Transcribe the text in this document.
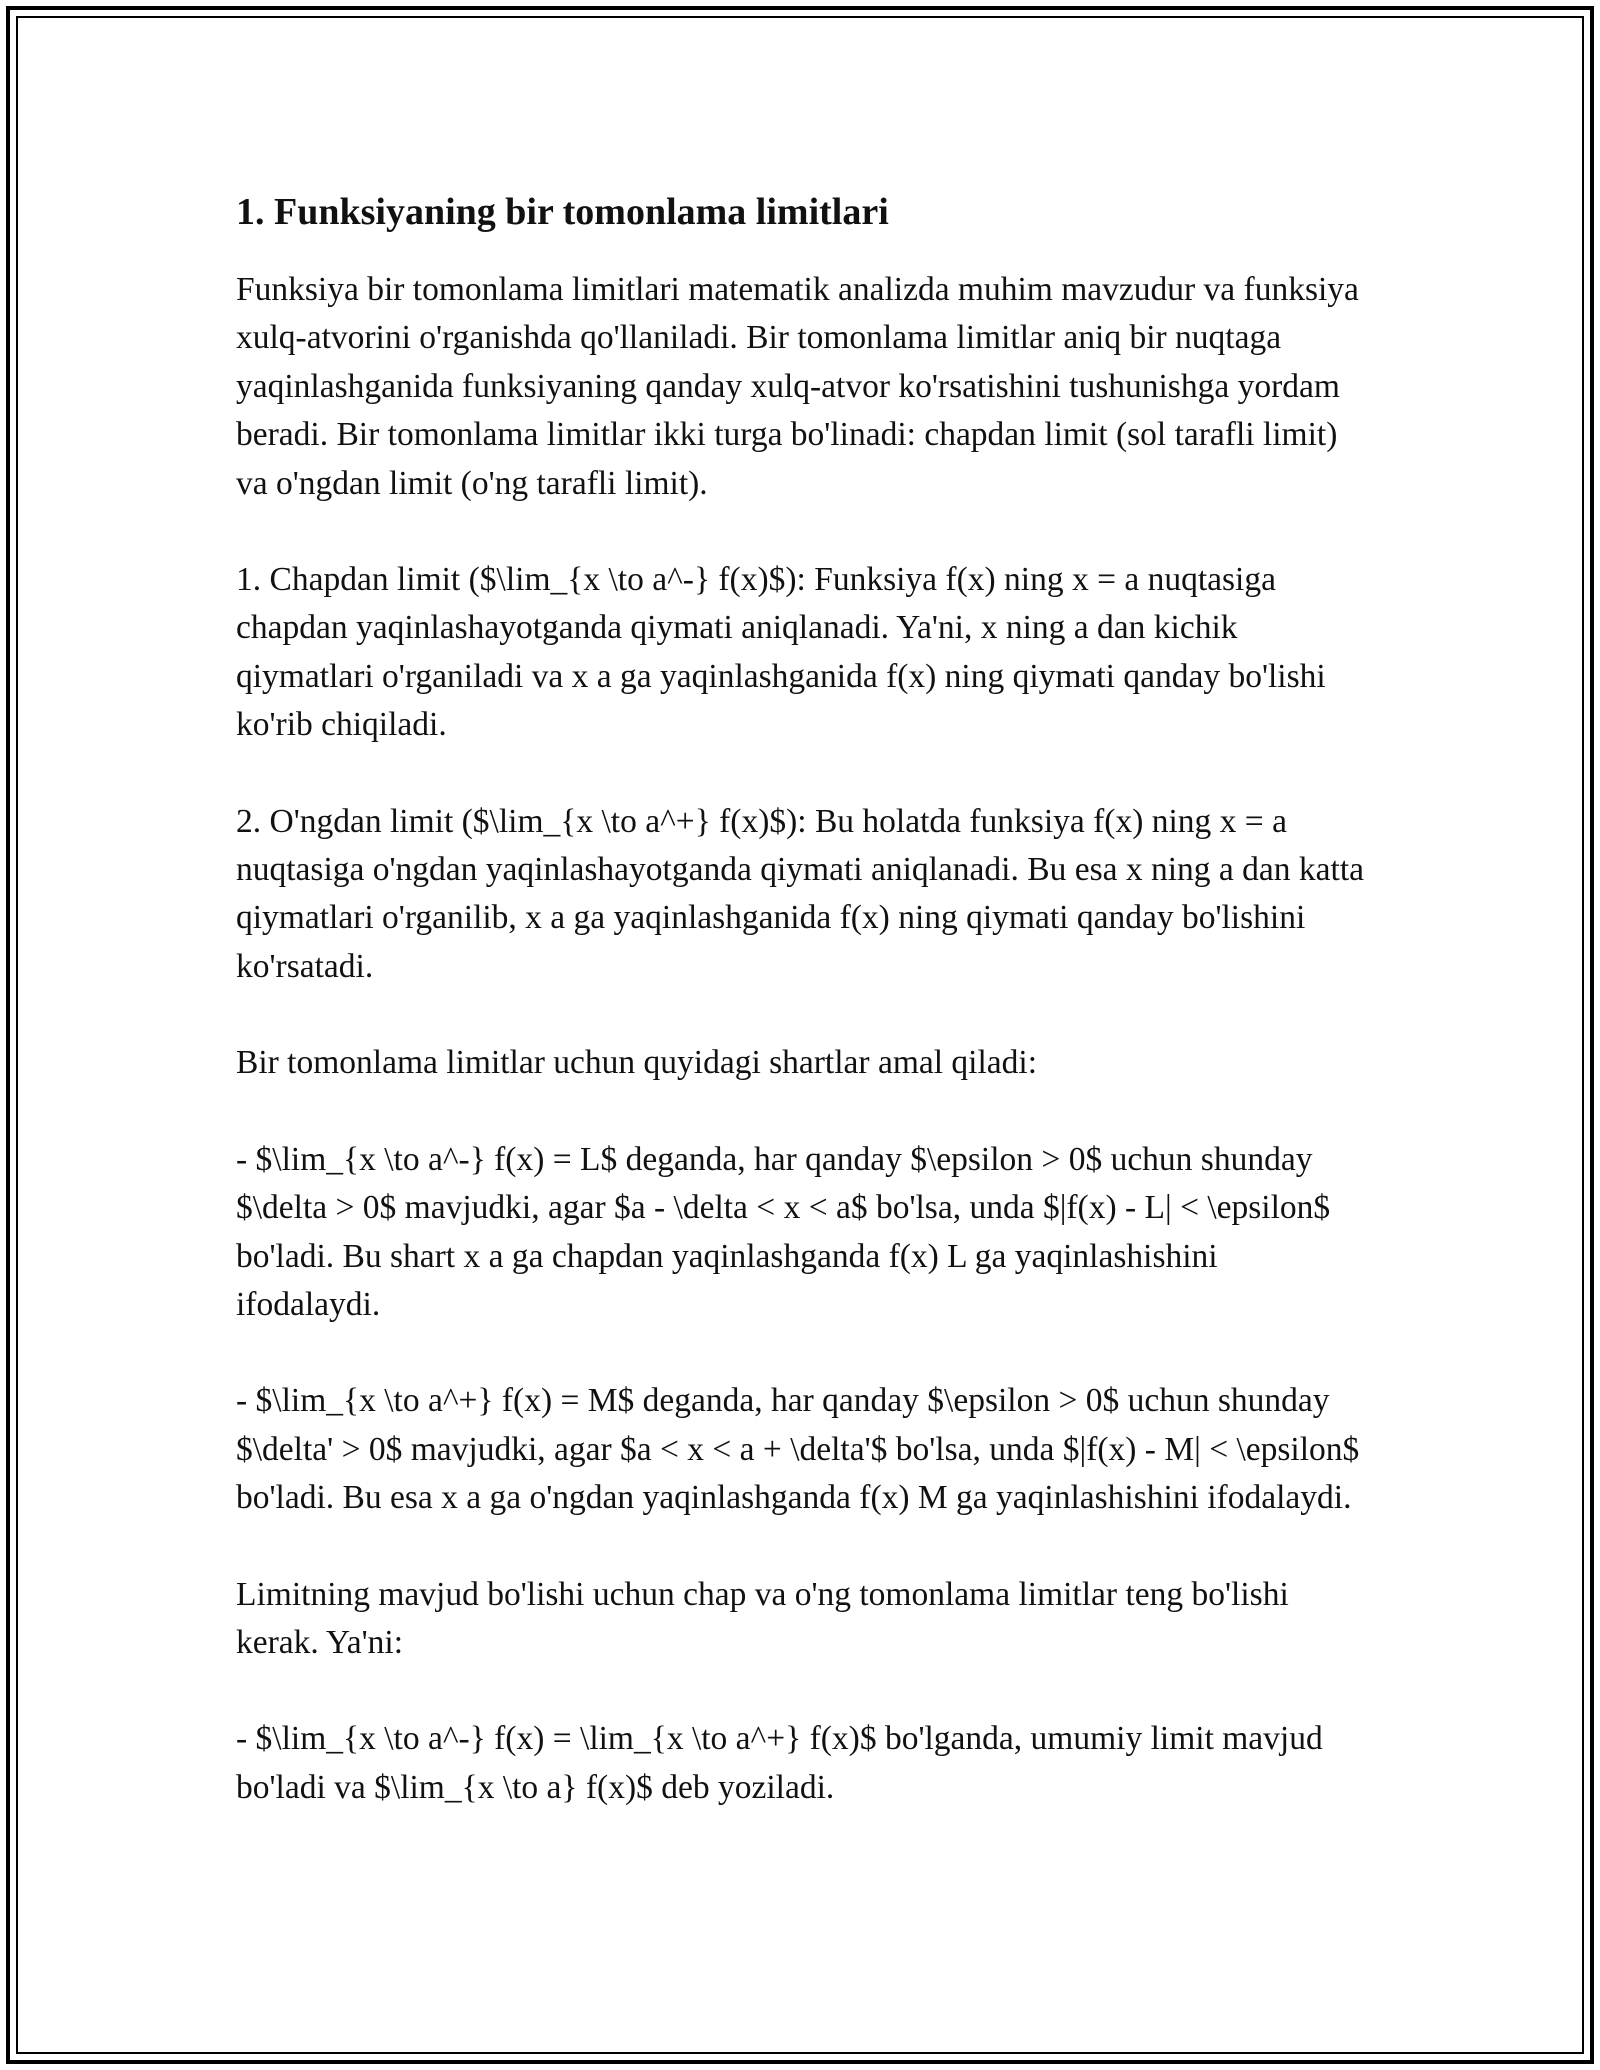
1. Funksiyaning bir tomonlama limitlari

Funksiya bir tomonlama limitlari matematik analizda muhim mavzudur va funksiya xulq-atvorini o'rganishda qo'llaniladi. Bir tomonlama limitlar aniq bir nuqtaga yaqinlashganida funksiyaning qanday xulq-atvor ko'rsatishini tushunishga yordam beradi. Bir tomonlama limitlar ikki turga bo'linadi: chapdan limit (sol tarafli limit) va o'ngdan limit (o'ng tarafli limit).

1. Chapdan limit ($\lim_{x \to a^-} f(x)$): Funksiya f(x) ning x = a nuqtasiga chapdan yaqinlashayotganda qiymati aniqlanadi. Ya'ni, x ning a dan kichik qiymatlari o'rganiladi va x a ga yaqinlashganida f(x) ning qiymati qanday bo'lishi ko'rib chiqiladi.

2. O'ngdan limit ($\lim_{x \to a^+} f(x)$): Bu holatda funksiya f(x) ning x = a nuqtasiga o'ngdan yaqinlashayotganda qiymati aniqlanadi. Bu esa x ning a dan katta qiymatlari o'rganilib, x a ga yaqinlashganida f(x) ning qiymati qanday bo'lishini ko'rsatadi.

Bir tomonlama limitlar uchun quyidagi shartlar amal qiladi:

- $\lim_{x \to a^-} f(x) = L$ deganda, har qanday $\epsilon > 0$ uchun shunday $\delta > 0$ mavjudki, agar $a - \delta < x < a$ bo'lsa, unda $|f(x) - L| < \epsilon$ bo'ladi. Bu shart x a ga chapdan yaqinlashganda f(x) L ga yaqinlashishini ifodalaydi.

- $\lim_{x \to a^+} f(x) = M$ deganda, har qanday $\epsilon > 0$ uchun shunday $\delta' > 0$ mavjudki, agar $a < x < a + \delta'$ bo'lsa, unda $|f(x) - M| < \epsilon$ bo'ladi. Bu esa x a ga o'ngdan yaqinlashganda f(x) M ga yaqinlashishini ifodalaydi.

Limitning mavjud bo'lishi uchun chap va o'ng tomonlama limitlar teng bo'lishi kerak. Ya'ni:

- $\lim_{x \to a^-} f(x) = \lim_{x \to a^+} f(x)$ bo'lganda, umumiy limit mavjud bo'ladi va $\lim_{x \to a} f(x)$ deb yoziladi.
